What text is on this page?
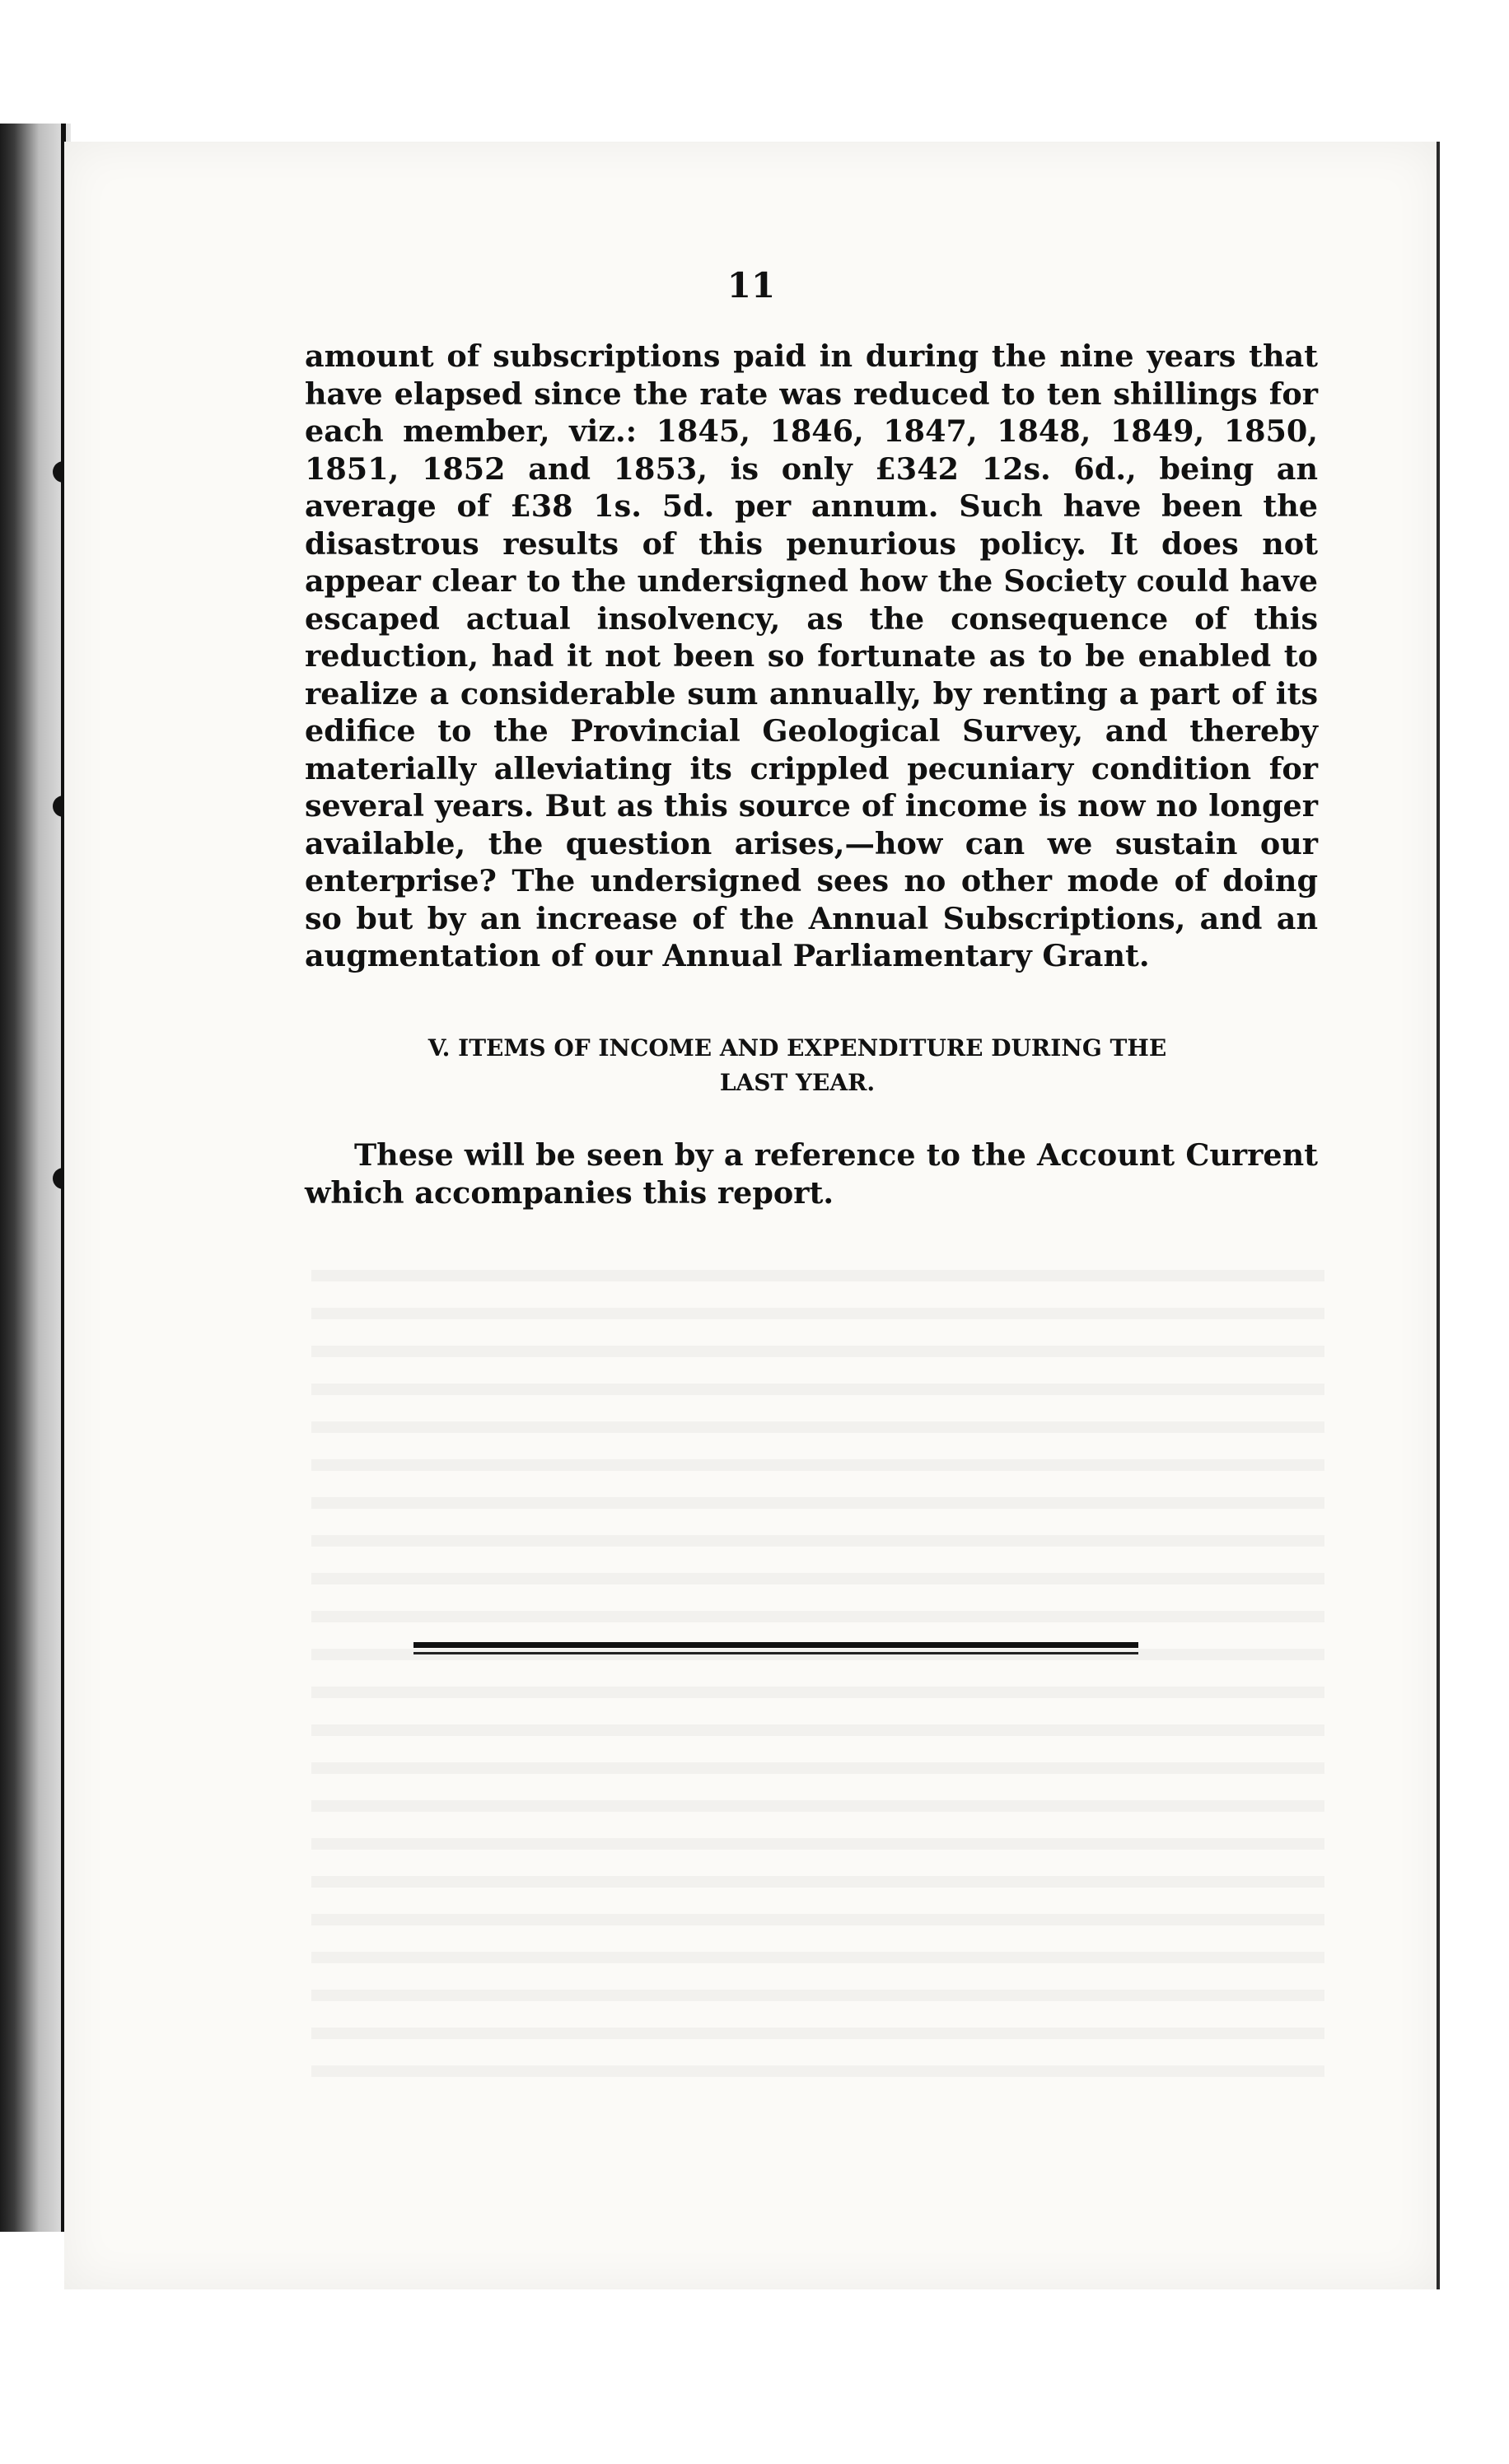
11

amount of subscriptions paid in during the nine years that have elapsed since the rate was reduced to ten shillings for each member, viz.: 1845, 1846, 1847, 1848, 1849, 1850, 1851, 1852 and 1853, is only £342 12s. 6d., being an average of £38 1s. 5d. per annum. Such have been the disastrous results of this penurious policy. It does not appear clear to the undersigned how the Society could have escaped actual insolvency, as the consequence of this reduction, had it not been so fortunate as to be enabled to realize a considerable sum annually, by renting a part of its edifice to the Provincial Geological Survey, and thereby materially alleviating its crippled pecuniary condition for several years. But as this source of income is now no longer available, the question arises,—how can we sustain our enterprise? The undersigned sees no other mode of doing so but by an increase of the Annual Subscriptions, and an augmentation of our Annual Parliamentary Grant.

V. ITEMS OF INCOME AND EXPENDITURE DURING THE
LAST YEAR.

These will be seen by a reference to the Account Current which accompanies this report.
